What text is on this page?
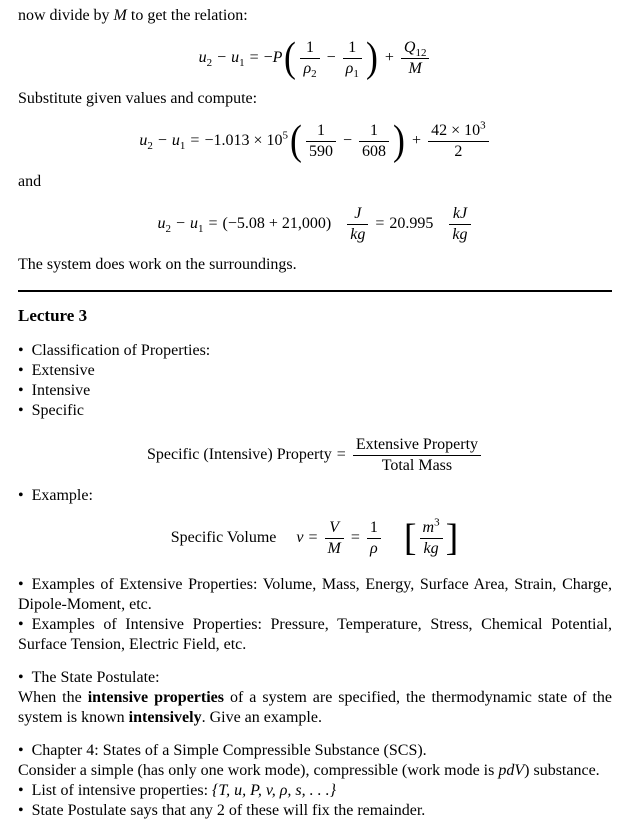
now divide by M to get the relation:

$u_2 - u_1 = -P( \frac{1}{\rho_2} - \frac{1}{\rho_1}$ ) + $\frac{Q_{12}}{M}$

Substitute given values and compute:

$u_2 - u_1 = -1.013 \times 10^5( \frac{1}{590} - \frac{1}{608}$ ) + $\frac{42 \times 10^3}{2}$

and

$u_2 - u_1 = (-5.08 + 21,000) \frac{J}{kg} = 20.995 \frac{kJ}{kg}$

The system does work on the surroundings.

Lecture 3

• Classification of Properties:

• Extensive

• Intensive

• Specific

Specific (Intensive) Property = $\frac{\text{Extensive Property}}{\text{Total Mass}}$

• Example:

Specific Volume $v = \frac{V}{M} = \frac{1}{\rho}$ [ $\frac{m^3}{kg}$ ]

• Examples of Extensive Properties: Volume, Mass, Energy, Surface Area, Strain, Charge, Dipole-Moment, etc.

• Examples of Intensive Properties: Pressure, Temperature, Stress, Chemical Potential, Surface Tension, Electric Field, etc.

• The State Postulate:

When the intensive properties of a system are specified, the thermodynamic state of the system is known intensively. Give an example.

• Chapter 4: States of a Simple Compressible Substance (SCS).

Consider a simple (has only one work mode), compressible (work mode is pdV) substance.

• List of intensive properties: {T, u, P, v, ρ, s, . . .}

• State Postulate says that any 2 of these will fix the remainder.
